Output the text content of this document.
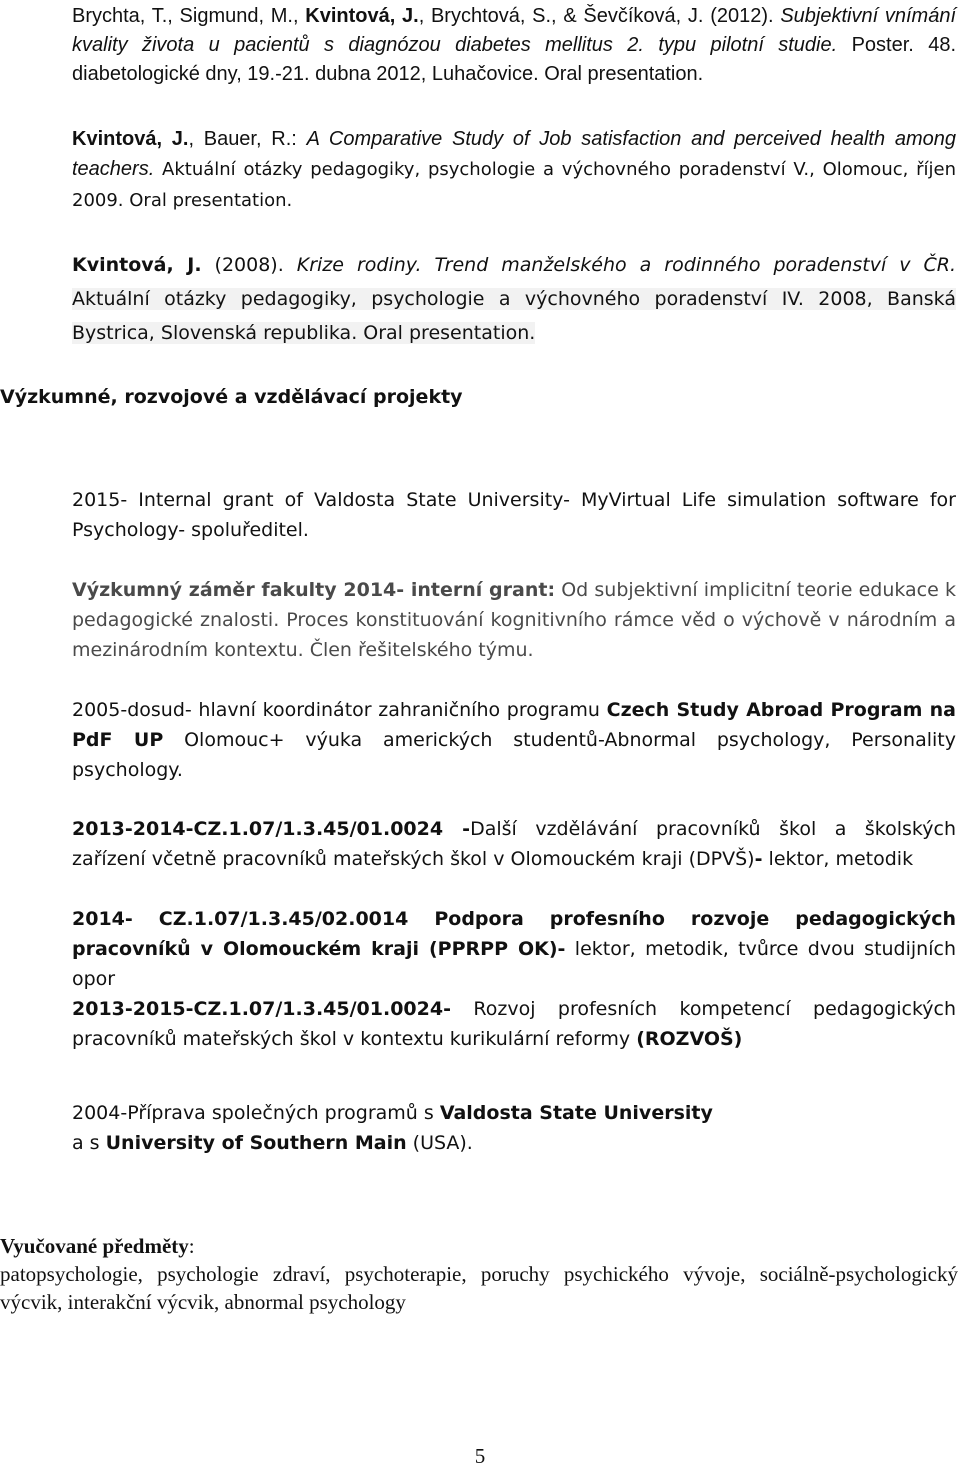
Brychta, T., Sigmund, M., Kvintová, J., Brychtová, S., & Ševčíková, J. (2012). Subjektivní vnímání kvality života u pacientů s diagnózou diabetes mellitus 2. typu pilotní studie. Poster. 48. diabetologické dny, 19.-21. dubna 2012, Luhačovice. Oral presentation.
Kvintová, J., Bauer, R.: A Comparative Study of Job satisfaction and perceived health among teachers. Aktuální otázky pedagogiky, psychologie a výchovného poradenství V., Olomouc, říjen 2009. Oral presentation.
Kvintová, J. (2008). Krize rodiny. Trend manželského a rodinného poradenství v ČR. Aktuální otázky pedagogiky, psychologie a výchovného poradenství IV. 2008, Banská Bystrica, Slovenská republika. Oral presentation.
Výzkumné, rozvojové a vzdělávací projekty
2015- Internal grant of Valdosta State University- MyVirtual Life simulation software for Psychology- spoluředitel.
Výzkumný záměr fakulty 2014- interní grant: Od subjektivní implicitní teorie edukace k pedagogické znalosti. Proces konstituování kognitivního rámce věd o výchově v národním a mezinárodním kontextu. Člen řešitelského týmu.
2005-dosud- hlavní koordinátor zahraničního programu Czech Study Abroad Program na PdF UP Olomouc+ výuka amerických studentů-Abnormal psychology, Personality psychology.
2013-2014-CZ.1.07/1.3.45/01.0024 -Další vzdělávání pracovníků škol a školských zařízení včetně pracovníků mateřských škol v Olomouckém kraji (DPVŠ)- lektor, metodik
2014- CZ.1.07/1.3.45/02.0014 Podpora profesního rozvoje pedagogických pracovníků v Olomouckém kraji (PPRPP OK)- lektor, metodik, tvůrce dvou studijních opor
2013-2015-CZ.1.07/1.3.45/01.0024- Rozvoj profesních kompetencí pedagogických pracovníků mateřských škol v kontextu kurikulární reformy (ROZVOŠ)
2004-Příprava společných programů s Valdosta State University
a s University of Southern Main (USA).
Vyučované předměty:
patopsychologie, psychologie zdraví, psychoterapie, poruchy psychického vývoje, sociálně-psychologický výcvik, interakční výcvik, abnormal psychology
5
